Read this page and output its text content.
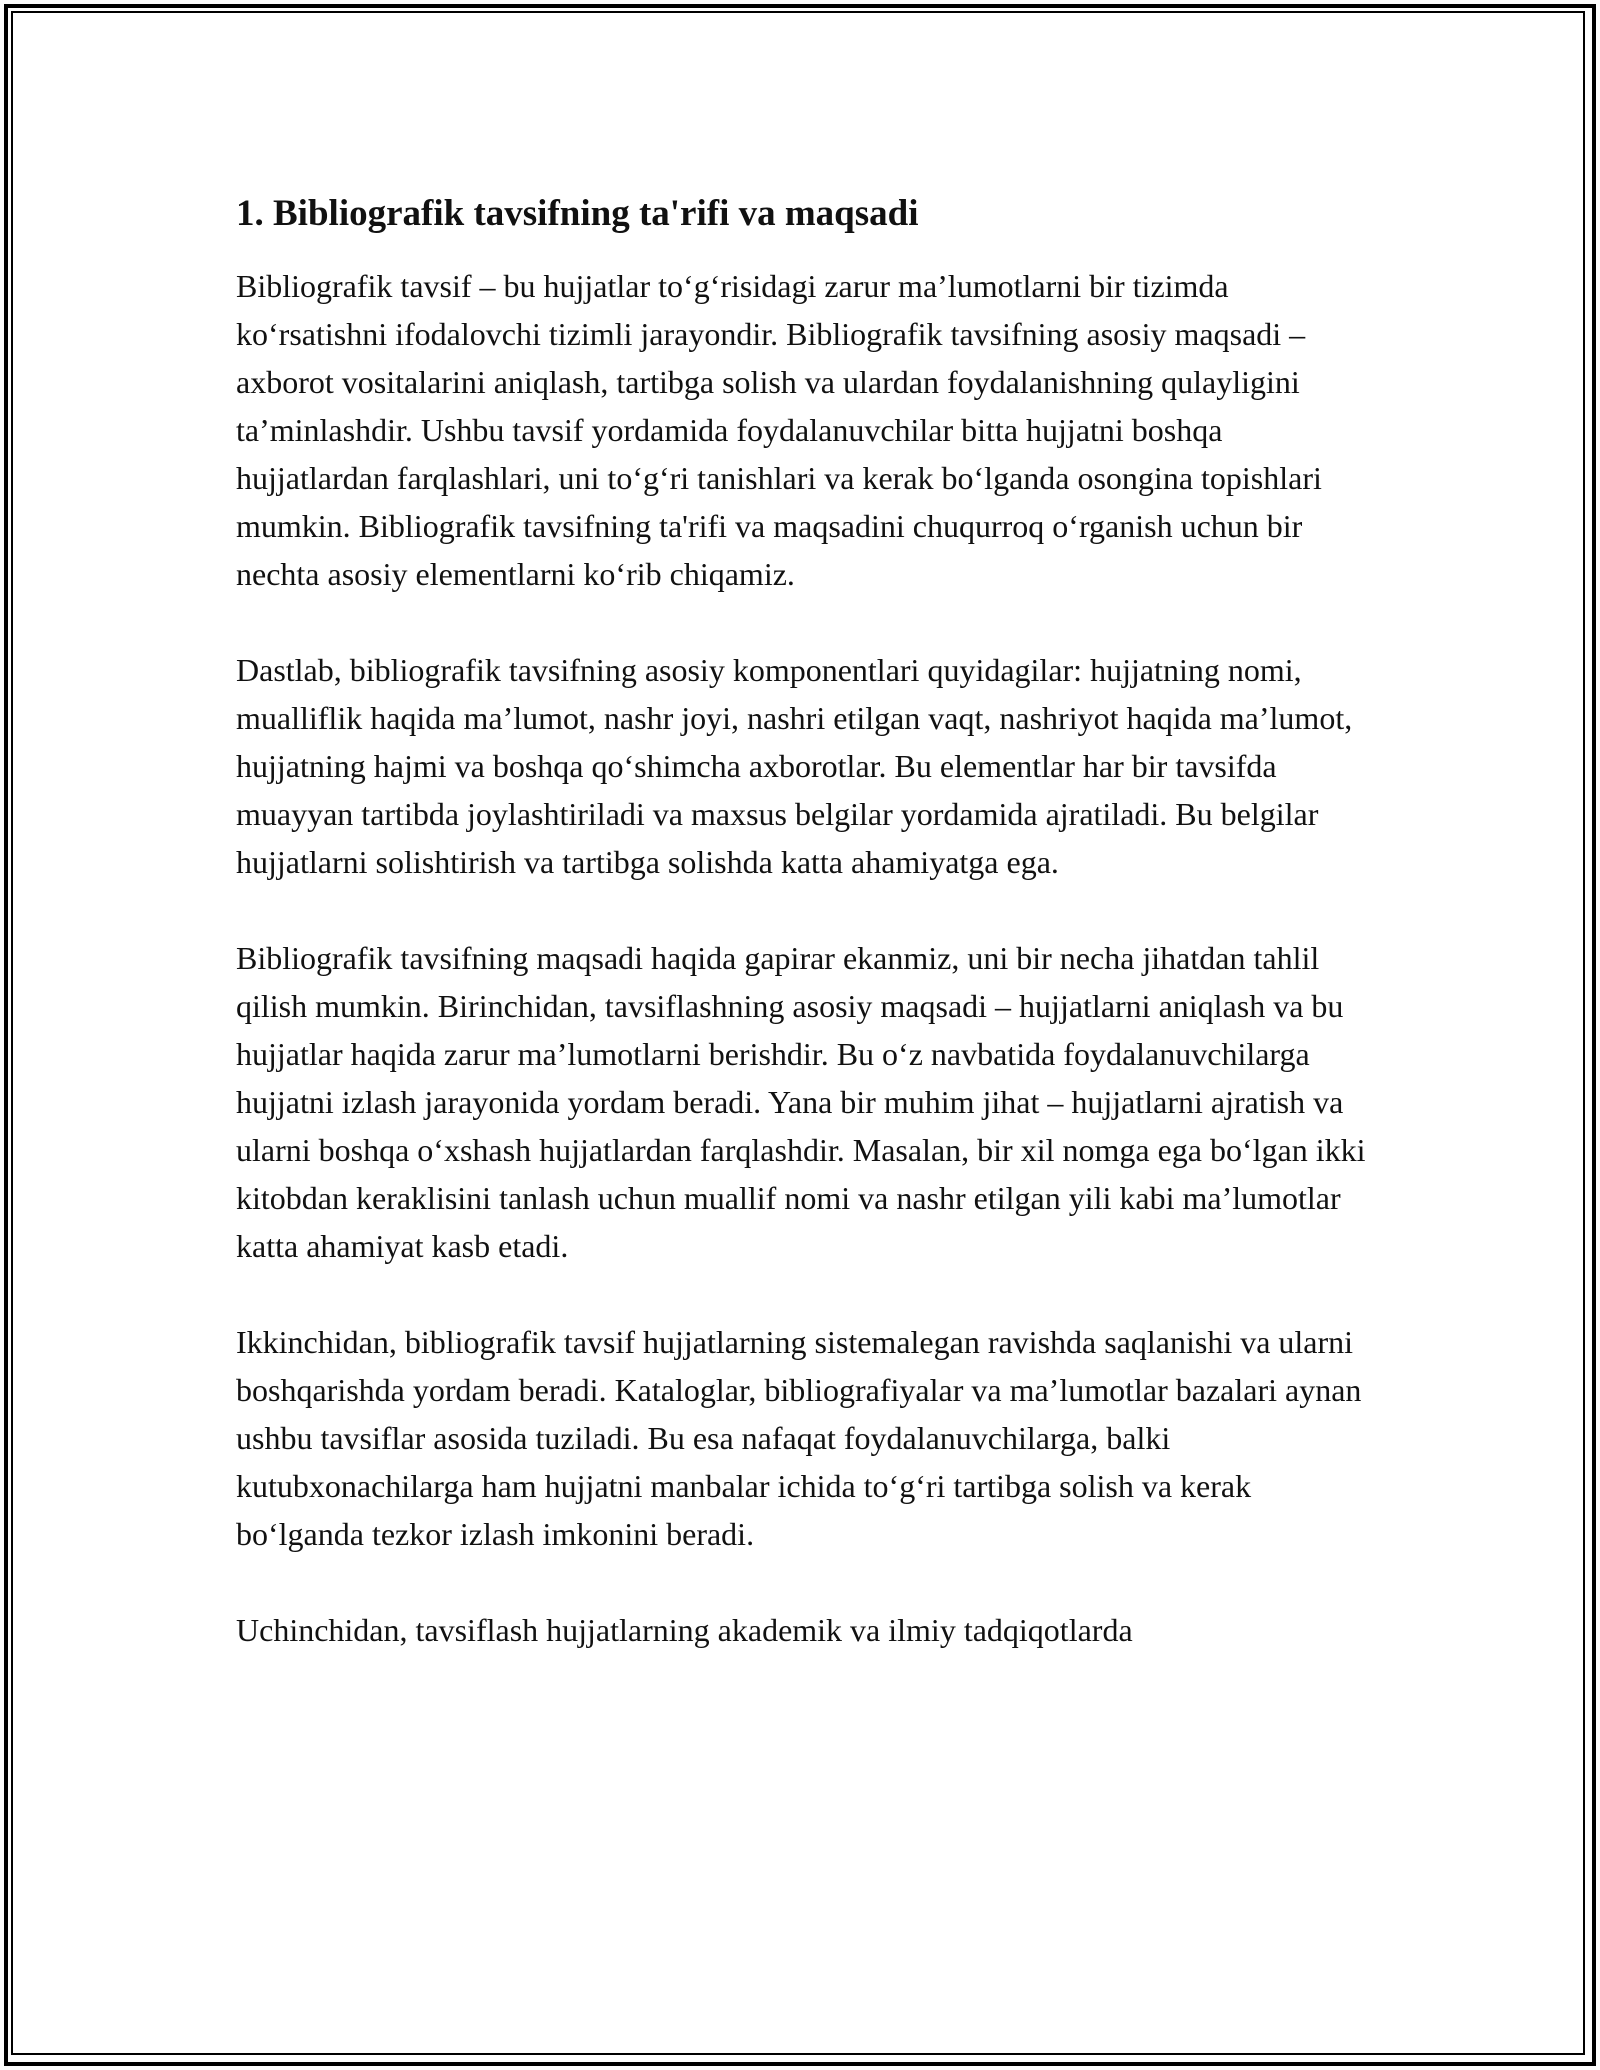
1. Bibliografik tavsifning ta'rifi va maqsadi

Bibliografik tavsif – bu hujjatlar to‘g‘risidagi zarur ma’lumotlarni bir tizimda ko‘rsatishni ifodalovchi tizimli jarayondir. Bibliografik tavsifning asosiy maqsadi – axborot vositalarini aniqlash, tartibga solish va ulardan foydalanishning qulayligini ta’minlashdir. Ushbu tavsif yordamida foydalanuvchilar bitta hujjatni boshqa hujjatlardan farqlashlari, uni to‘g‘ri tanishlari va kerak bo‘lganda osongina topishlari mumkin. Bibliografik tavsifning ta'rifi va maqsadini chuqurroq o‘rganish uchun bir nechta asosiy elementlarni ko‘rib chiqamiz.

Dastlab, bibliografik tavsifning asosiy komponentlari quyidagilar: hujjatning nomi, mualliflik haqida ma’lumot, nashr joyi, nashri etilgan vaqt, nashriyot haqida ma’lumot, hujjatning hajmi va boshqa qo‘shimcha axborotlar. Bu elementlar har bir tavsifda muayyan tartibda joylashtiriladi va maxsus belgilar yordamida ajratiladi. Bu belgilar hujjatlarni solishtirish va tartibga solishda katta ahamiyatga ega.

Bibliografik tavsifning maqsadi haqida gapirar ekanmiz, uni bir necha jihatdan tahlil qilish mumkin. Birinchidan, tavsiflashning asosiy maqsadi – hujjatlarni aniqlash va bu hujjatlar haqida zarur ma’lumotlarni berishdir. Bu o‘z navbatida foydalanuvchilarga hujjatni izlash jarayonida yordam beradi. Yana bir muhim jihat – hujjatlarni ajratish va ularni boshqa o‘xshash hujjatlardan farqlashdir. Masalan, bir xil nomga ega bo‘lgan ikki kitobdan keraklisini tanlash uchun muallif nomi va nashr etilgan yili kabi ma’lumotlar katta ahamiyat kasb etadi.

Ikkinchidan, bibliografik tavsif hujjatlarning sistemalegan ravishda saqlanishi va ularni boshqarishda yordam beradi. Kataloglar, bibliografiyalar va ma’lumotlar bazalari aynan ushbu tavsiflar asosida tuziladi. Bu esa nafaqat foydalanuvchilarga, balki kutubxonachilarga ham hujjatni manbalar ichida to‘g‘ri tartibga solish va kerak bo‘lganda tezkor izlash imkonini beradi.

Uchinchidan, tavsiflash hujjatlarning akademik va ilmiy tadqiqotlarda
